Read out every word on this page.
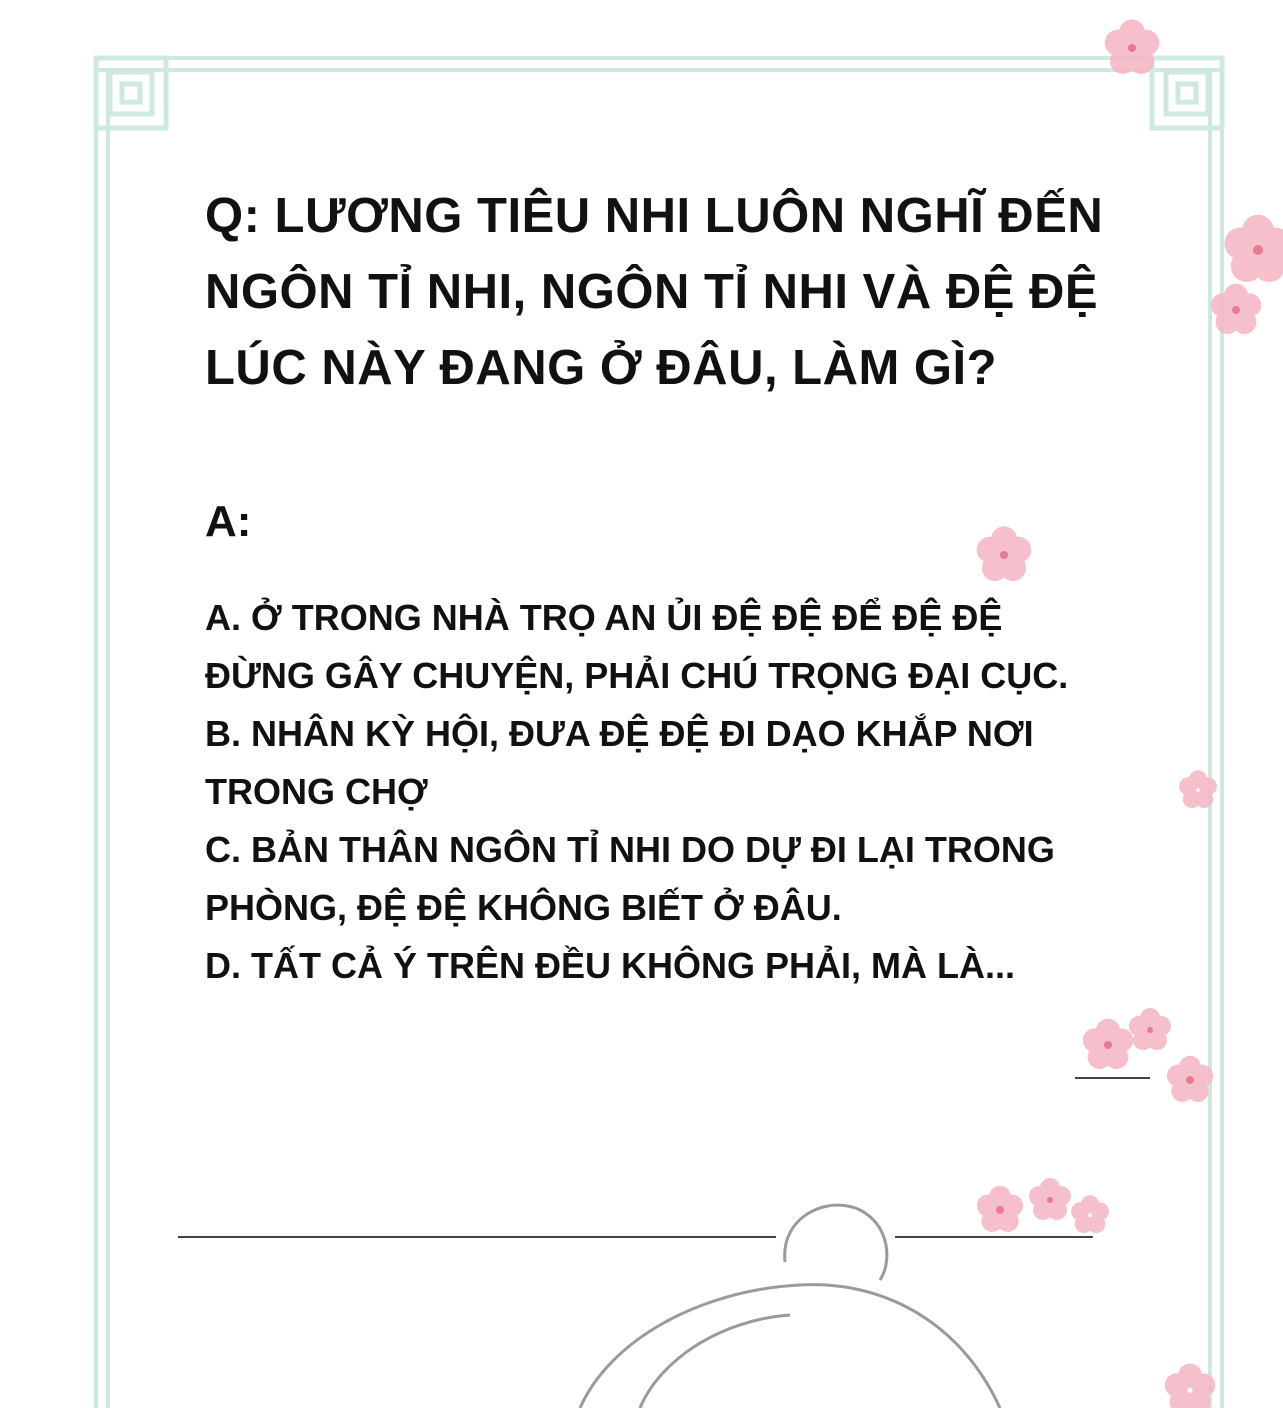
Q: LƯƠNG TIÊU NHI LUÔN NGHĨ ĐẾN
NGÔN TỈ NHI, NGÔN TỈ NHI VÀ ĐỆ ĐỆ
LÚC NÀY ĐANG Ở ĐÂU, LÀM GÌ?
A:
A. Ở TRONG NHÀ TRỌ AN ỦI ĐỆ ĐỆ ĐỂ ĐỆ ĐỆ
ĐỪNG GÂY CHUYỆN, PHẢI CHÚ TRỌNG ĐẠI CỤC.
B. NHÂN KỲ HỘI, ĐƯA ĐỆ ĐỆ ĐI DẠO KHẮP NƠI
TRONG CHỢ
C. BẢN THÂN NGÔN TỈ NHI DO DỰ ĐI LẠI TRONG
PHÒNG, ĐỆ ĐỆ KHÔNG BIẾT Ở ĐÂU.
D. TẤT CẢ Ý TRÊN ĐỀU KHÔNG PHẢI, MÀ LÀ...
